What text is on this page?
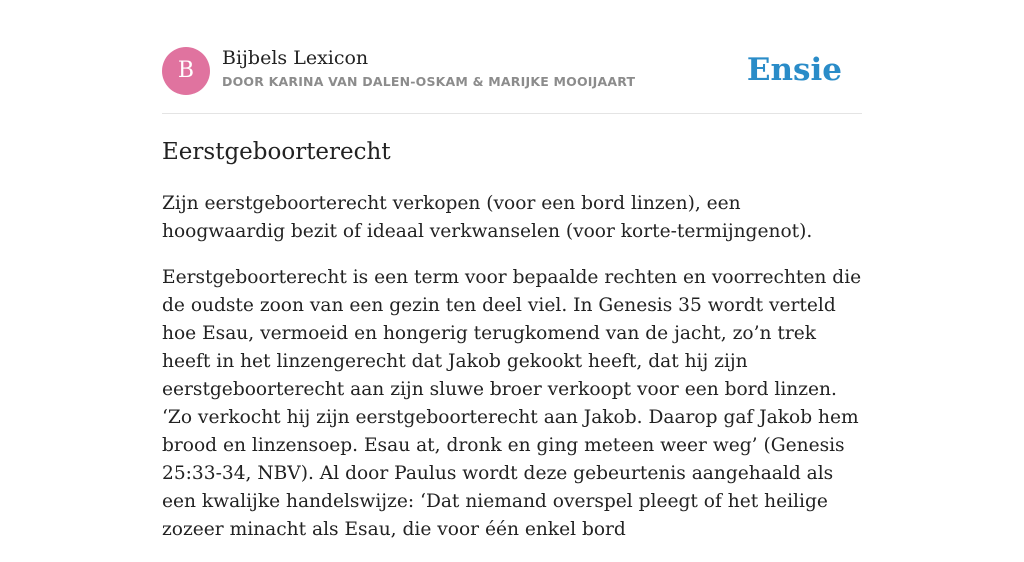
B	Bijbels Lexicon
DOOR KARINA VAN DALEN-OSKAM & MARIJKE MOOIJAART	Ensie
Eerstgeboorterecht

Zijn eerstgeboorterecht verkopen (voor een bord linzen), een hoogwaardig bezit of ideaal verkwanselen (voor korte-termijngenot).

Eerstgeboorterecht is een term voor bepaalde rechten en voorrechten die de oudste zoon van een gezin ten deel viel. In Genesis 35 wordt verteld hoe Esau, vermoeid en hongerig terugkomend van de jacht, zo’n trek heeft in het linzengerecht dat Jakob gekookt heeft, dat hij zijn eerstgeboorterecht aan zijn sluwe broer verkoopt voor een bord linzen. ‘Zo verkocht hij zijn eerstgeboorterecht aan Jakob. Daarop gaf Jakob hem brood en linzensoep. Esau at, dronk en ging meteen weer weg’ (Genesis 25:33-34, NBV). Al door Paulus wordt deze gebeurtenis aangehaald als een kwalijke handelswijze: ‘Dat niemand overspel pleegt of het heilige zozeer minacht als Esau, die voor één enkel bord
